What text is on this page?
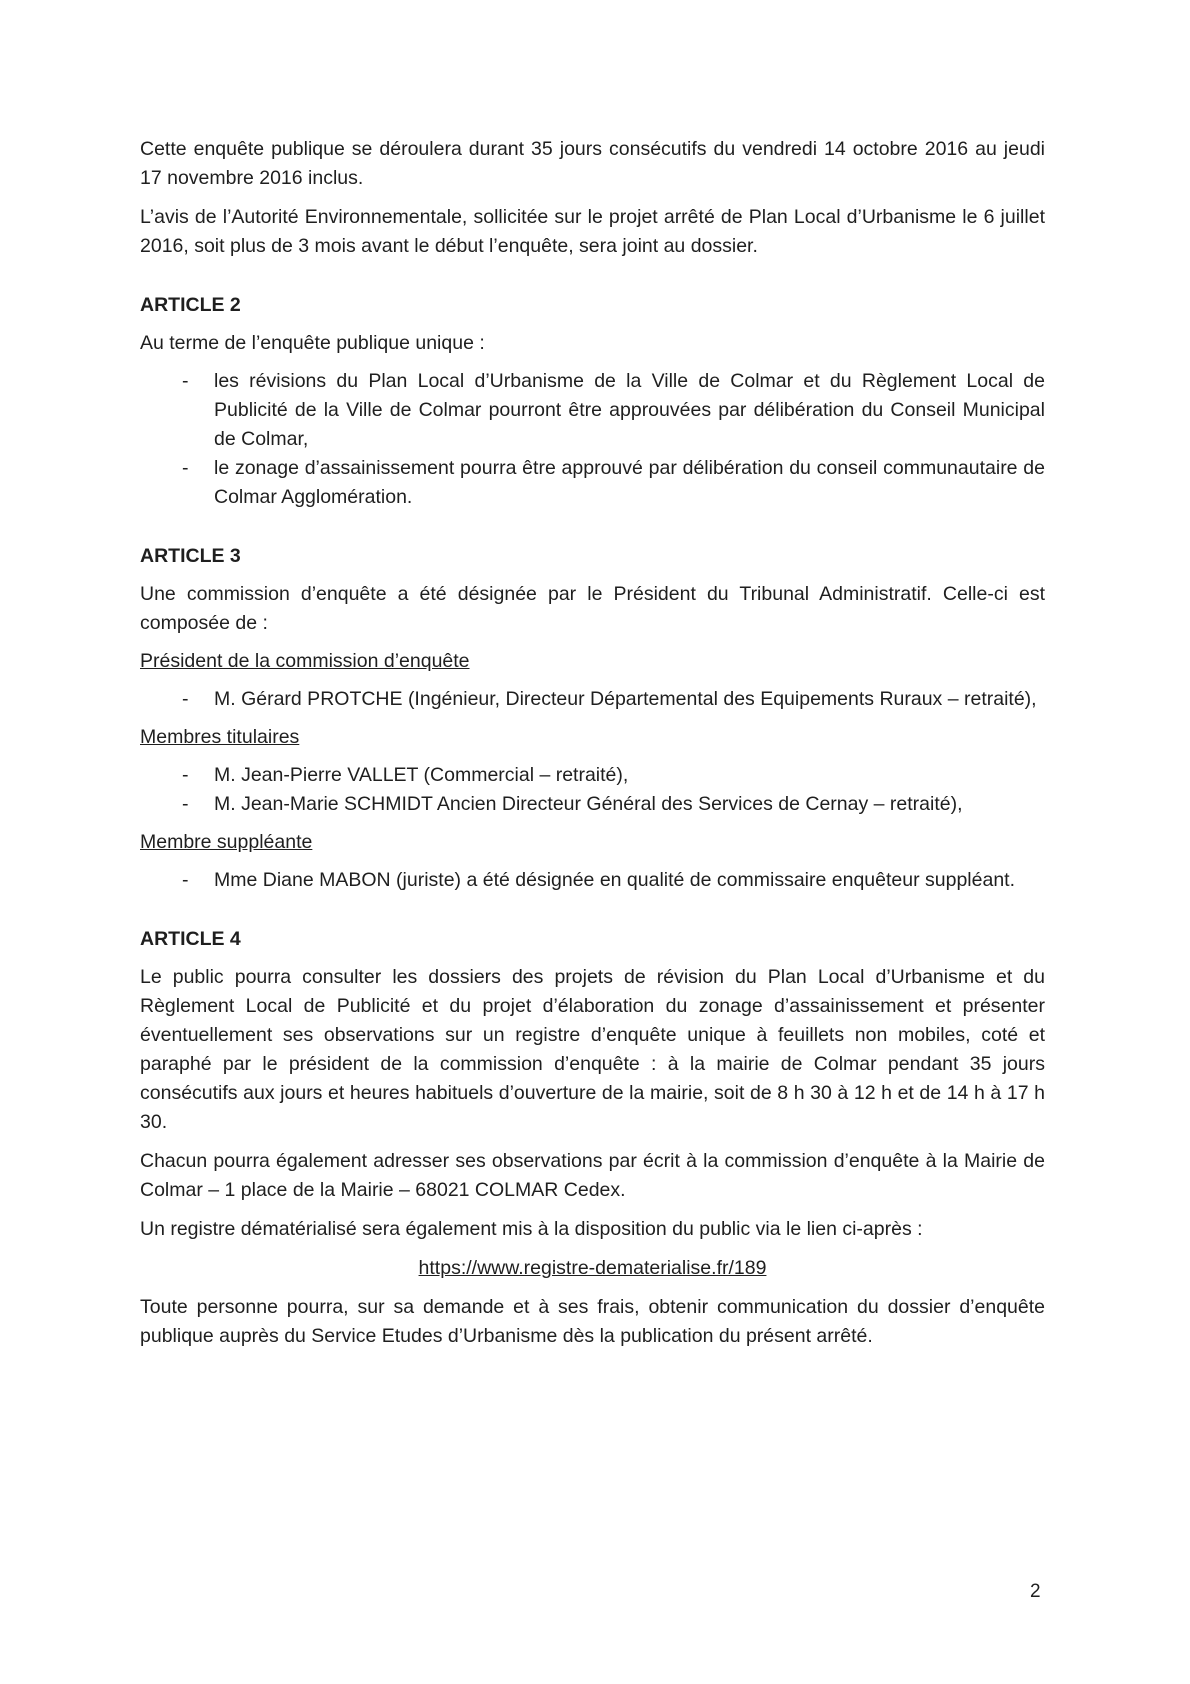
Cette enquête publique se déroulera durant 35 jours consécutifs du vendredi 14 octobre 2016 au jeudi 17 novembre 2016 inclus.

L’avis de l’Autorité Environnementale, sollicitée sur le projet arrêté de Plan Local d’Urbanisme le 6 juillet 2016, soit plus de 3 mois avant le début l’enquête, sera joint au dossier.

ARTICLE 2

Au terme de l’enquête publique unique :

- les révisions du Plan Local d’Urbanisme de la Ville de Colmar et du Règlement Local de Publicité de la Ville de Colmar pourront être approuvées par délibération du Conseil Municipal de Colmar,
- le zonage d’assainissement pourra être approuvé par délibération du conseil communautaire de Colmar Agglomération.
ARTICLE 3

Une commission d’enquête a été désignée par le Président du Tribunal Administratif. Celle-ci est composée de :

Président de la commission d’enquête

- M. Gérard PROTCHE (Ingénieur, Directeur Départemental des Equipements Ruraux – retraité),

Membres titulaires

- M. Jean-Pierre VALLET (Commercial – retraité),
- M. Jean-Marie SCHMIDT Ancien Directeur Général des Services de Cernay – retraité),

Membre suppléante

- Mme Diane MABON (juriste) a été désignée en qualité de commissaire enquêteur suppléant.
ARTICLE 4

Le public pourra consulter les dossiers des projets de révision du Plan Local d’Urbanisme et du Règlement Local de Publicité et du projet d’élaboration du zonage d’assainissement et présenter éventuellement ses observations sur un registre d’enquête unique à feuillets non mobiles, coté et paraphé par le président de la commission d’enquête : à la mairie de Colmar pendant 35 jours consécutifs aux jours et heures habituels d’ouverture de la mairie, soit de 8 h 30 à 12 h et de 14 h à 17 h 30.

Chacun pourra également adresser ses observations par écrit à la commission d’enquête à la Mairie de Colmar – 1 place de la Mairie – 68021 COLMAR Cedex.

Un registre dématérialisé sera également mis à la disposition du public via le lien ci-après :

https://www.registre-dematerialise.fr/189

Toute personne pourra, sur sa demande et à ses frais, obtenir communication du dossier d’enquête publique auprès du Service Etudes d’Urbanisme dès la publication du présent arrêté.

2
